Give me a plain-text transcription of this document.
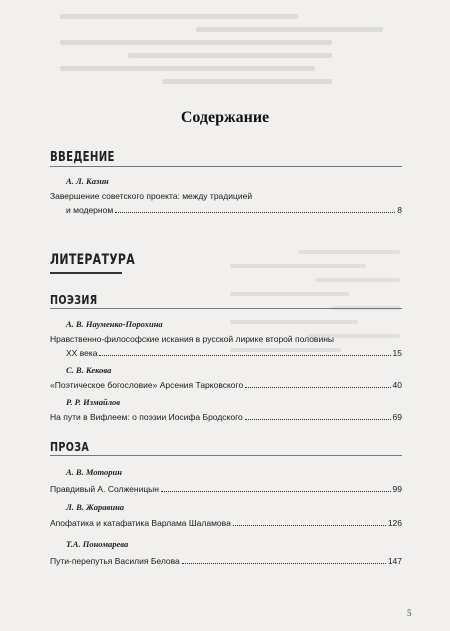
Содержание
ВВЕДЕНИЕ
А. Л. Казин
Завершение советского проекта: между традицией
и модерном	8
ЛИТЕРАТУРА
ПОЭЗИЯ
А. В. Науменко-Порохина
Нравственно-философские искания в русской лирике второй половины
XX века	15
С. В. Кекова
«Поэтическое богословие» Арсения Тарковского	40
Р. Р. Измайлов
На пути в Вифлеем: о поэзии Иосифа Бродского	69
ПРОЗА
А. В. Моторин
Правдивый А. Солженицын	99
Л. В. Жаравина
Апофатика и катафатика Варлама Шаламова	126
Т.А. Пономарева
Пути-перепутья Василия Белова	147
5
